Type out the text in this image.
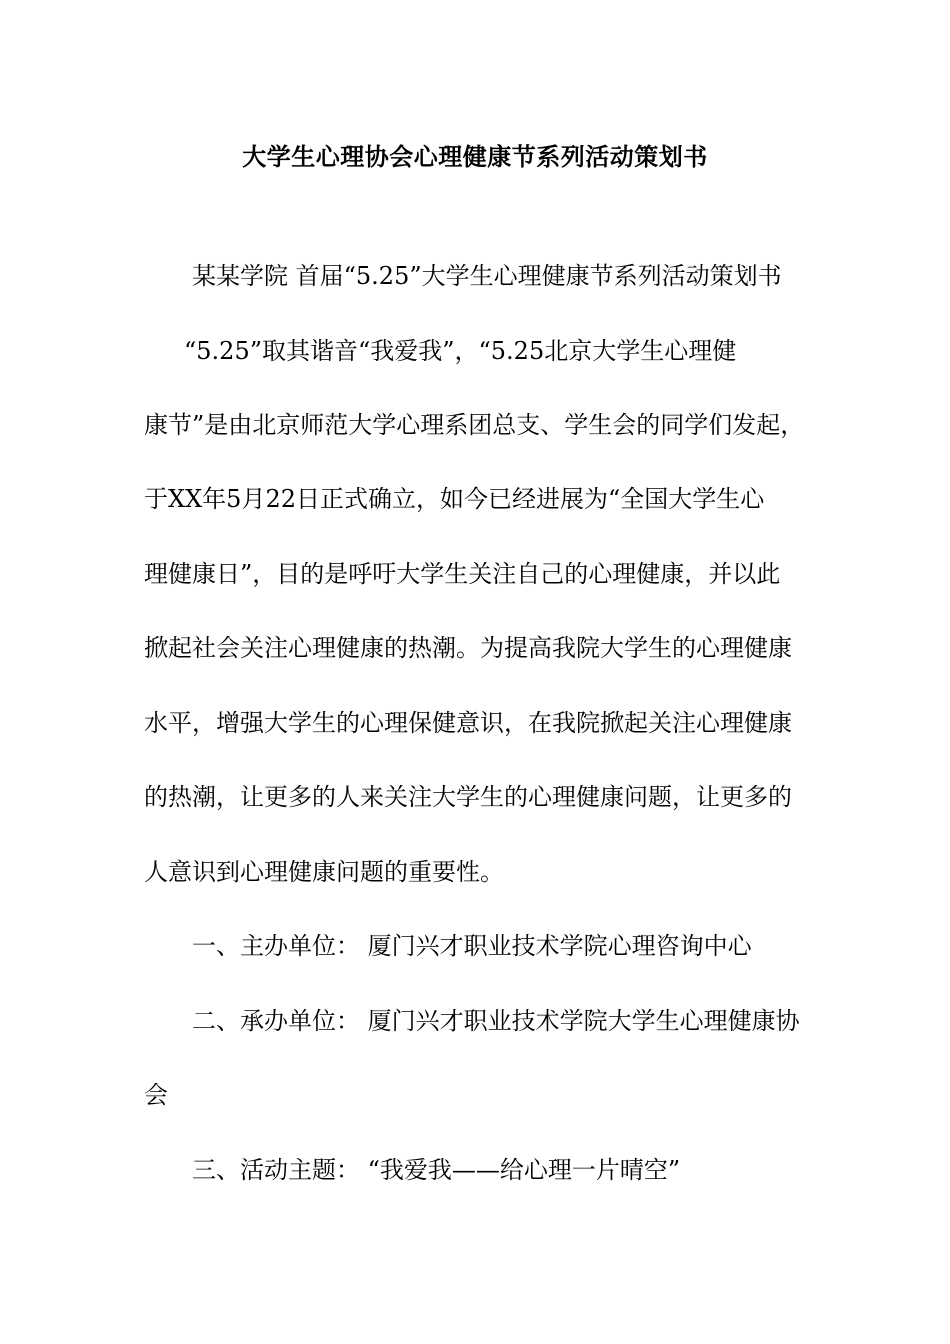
大学生心理协会心理健康节系列活动策划书
某某学院 首届“5.25”大学生心理健康节系列活动策划书
“5.25”取其谐音“我爱我”，“5.25北京大学生心理健
康节”是由北京师范大学心理系团总支、学生会的同学们发起，
于XX年5月22日正式确立，如今已经进展为“全国大学生心
理健康日”，目的是呼吁大学生关注自己的心理健康，并以此
掀起社会关注心理健康的热潮。为提高我院大学生的心理健康
水平，增强大学生的心理保健意识，在我院掀起关注心理健康
的热潮，让更多的人来关注大学生的心理健康问题，让更多的
人意识到心理健康问题的重要性。
一、主办单位： 厦门兴才职业技术学院心理咨询中心
二、承办单位： 厦门兴才职业技术学院大学生心理健康协
会
三、活动主题： “我爱我——给心理一片晴空”
